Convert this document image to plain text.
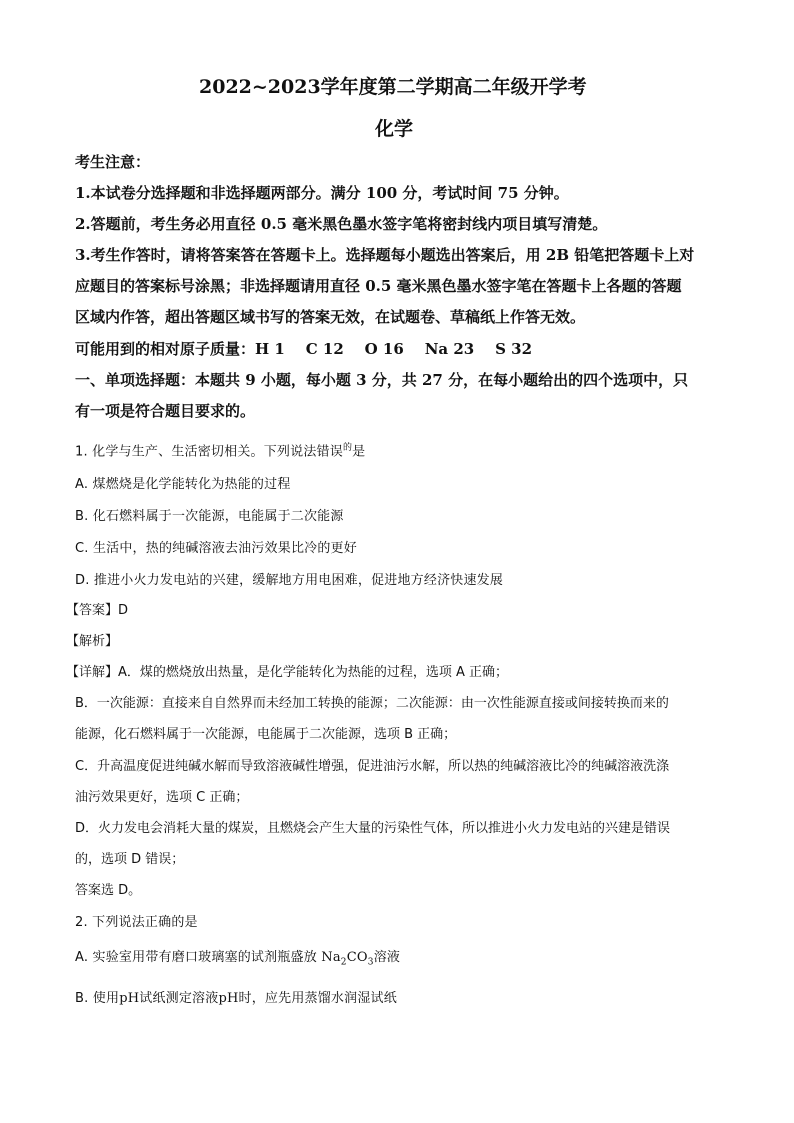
2022~2023学年度第二学期高二年级开学考
化学
考生注意：
1.本试卷分选择题和非选择题两部分。满分 100 分，考试时间 75 分钟。
2.答题前，考生务必用直径 0.5 毫米黑色墨水签字笔将密封线内项目填写清楚。
3.考生作答时，请将答案答在答题卡上。选择题每小题选出答案后，用 2B 铅笔把答题卡上对
应题目的答案标号涂黑；非选择题请用直径 0.5 毫米黑色墨水签字笔在答题卡上各题的答题
区域内作答，超出答题区域书写的答案无效，在试题卷、草稿纸上作答无效。
可能用到的相对原子质量：H 1    C 12    O 16    Na 23    S 32
一、单项选择题：本题共 9 小题，每小题 3 分，共 27 分，在每小题给出的四个选项中，只
有一项是符合题目要求的。
1. 化学与生产、生活密切相关。下列说法错误$^的$是
A. 煤燃烧是化学能转化为热能的过程
B. 化石燃料属于一次能源，电能属于二次能源
C. 生活中，热的纯碱溶液去油污效果比冷的更好
D. 推进小火力发电站的兴建，缓解地方用电困难，促进地方经济快速发展
【答案】D
【解析】
【详解】A．煤的燃烧放出热量，是化学能转化为热能的过程，选项 A 正确；
B．一次能源：直接来自自然界而未经加工转换的能源；二次能源：由一次性能源直接或间接转换而来的
能源，化石燃料属于一次能源，电能属于二次能源，选项 B 正确；
C．升高温度促进纯碱水解而导致溶液碱性增强，促进油污水解，所以热的纯碱溶液比冷的纯碱溶液洗涤
油污效果更好，选项 C 正确；
D．火力发电会消耗大量的煤炭，且燃烧会产生大量的污染性气体，所以推进小火力发电站的兴建是错误
的，选项 D 错误；
答案选 D。
2. 下列说法正确的是
A. 实验室用带有磨口玻璃塞的试剂瓶盛放 $Na_2CO_3$溶液
B. 使用pH试纸测定溶液pH时，应先用蒸馏水润湿试纸
